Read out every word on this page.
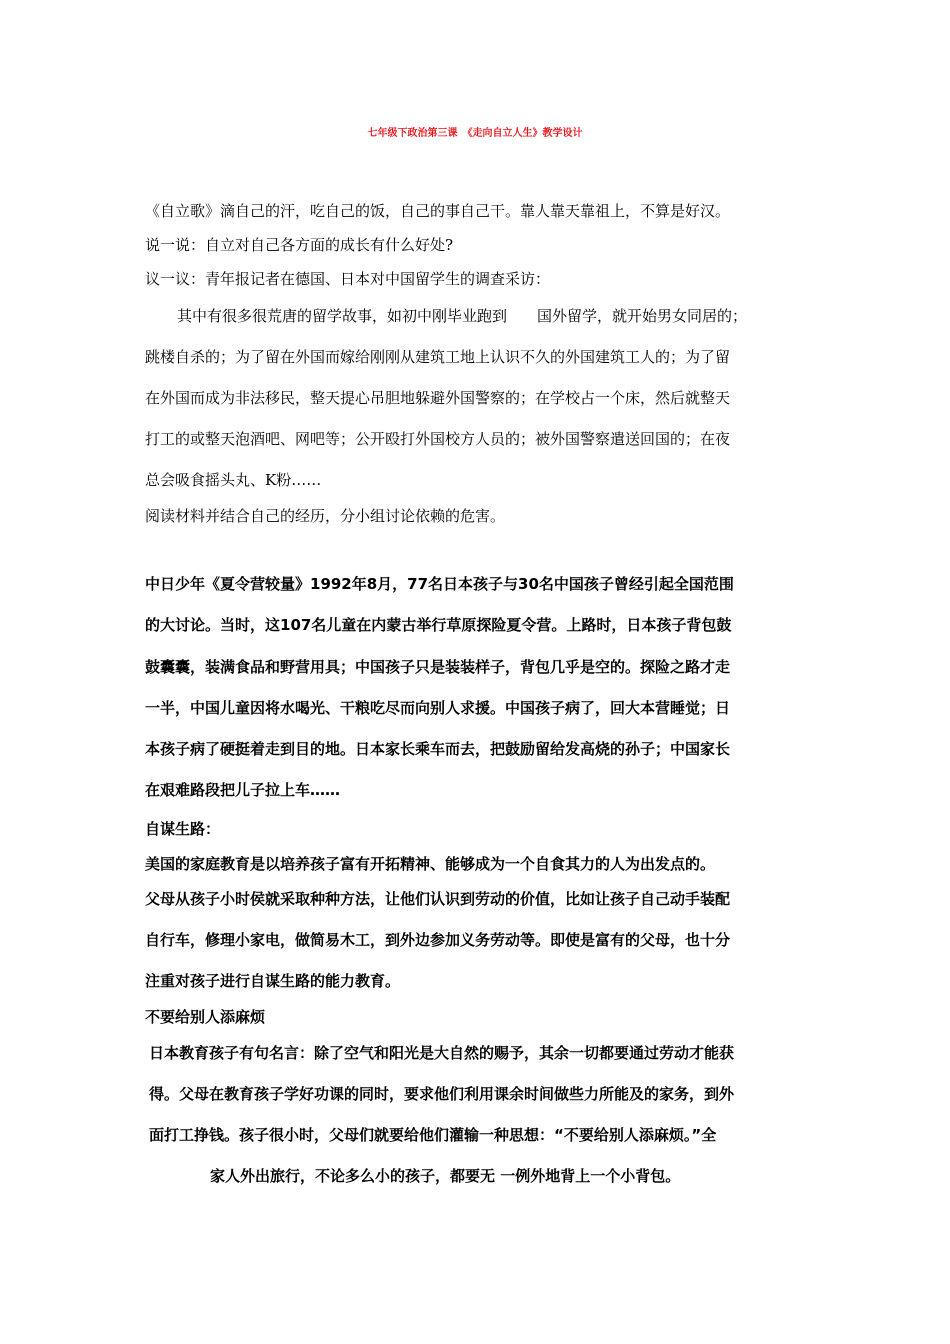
七年级下政治第三课　《走向自立人生》教学设计
《自立歌》滴自己的汗，吃自己的饭，自己的事自己干。靠人靠天靠祖上，不算是好汉。
说一说：自立对自己各方面的成长有什么好处?
议一议：青年报记者在德国、日本对中国留学生的调查采访：
其中有很多很荒唐的留学故事，如初中刚毕业跑到　　国外留学，就开始男女同居的；
跳楼自杀的；为了留在外国而嫁给刚刚从建筑工地上认识不久的外国建筑工人的；为了留
在外国而成为非法移民，整天提心吊胆地躲避外国警察的；在学校占一个床，然后就整天
打工的或整天泡酒吧、网吧等；公开殴打外国校方人员的；被外国警察遣送回国的；在夜
总会吸食摇头丸、K粉……
阅读材料并结合自己的经历，分小组讨论依赖的危害。
中日少年《夏令营较量》1992年8月，77名日本孩子与30名中国孩子曾经引起全国范围
的大讨论。当时，这107名儿童在内蒙古举行草原探险夏令营。上路时，日本孩子背包鼓
鼓囊囊，装满食品和野营用具；中国孩子只是装装样子，背包几乎是空的。探险之路才走
一半，中国儿童因将水喝光、干粮吃尽而向别人求援。中国孩子病了，回大本营睡觉；日
本孩子病了硬挺着走到目的地。日本家长乘车而去，把鼓励留给发高烧的孙子；中国家长
在艰难路段把儿子拉上车……
自谋生路：
美国的家庭教育是以培养孩子富有开拓精神、能够成为一个自食其力的人为出发点的。
父母从孩子小时侯就采取种种方法，让他们认识到劳动的价值，比如让孩子自己动手装配
自行车，修理小家电，做简易木工，到外边参加义务劳动等。即使是富有的父母，也十分
注重对孩子进行自谋生路的能力教育。
不要给别人添麻烦
日本教育孩子有句名言：除了空气和阳光是大自然的赐予，其余一切都要通过劳动才能获
得。父母在教育孩子学好功课的同时，要求他们利用课余时间做些力所能及的家务，到外
面打工挣钱。孩子很小时，父母们就要给他们灌输一种思想：“不要给别人添麻烦。”全
家人外出旅行，不论多么小的孩子，都要无 一例外地背上一个小背包。
